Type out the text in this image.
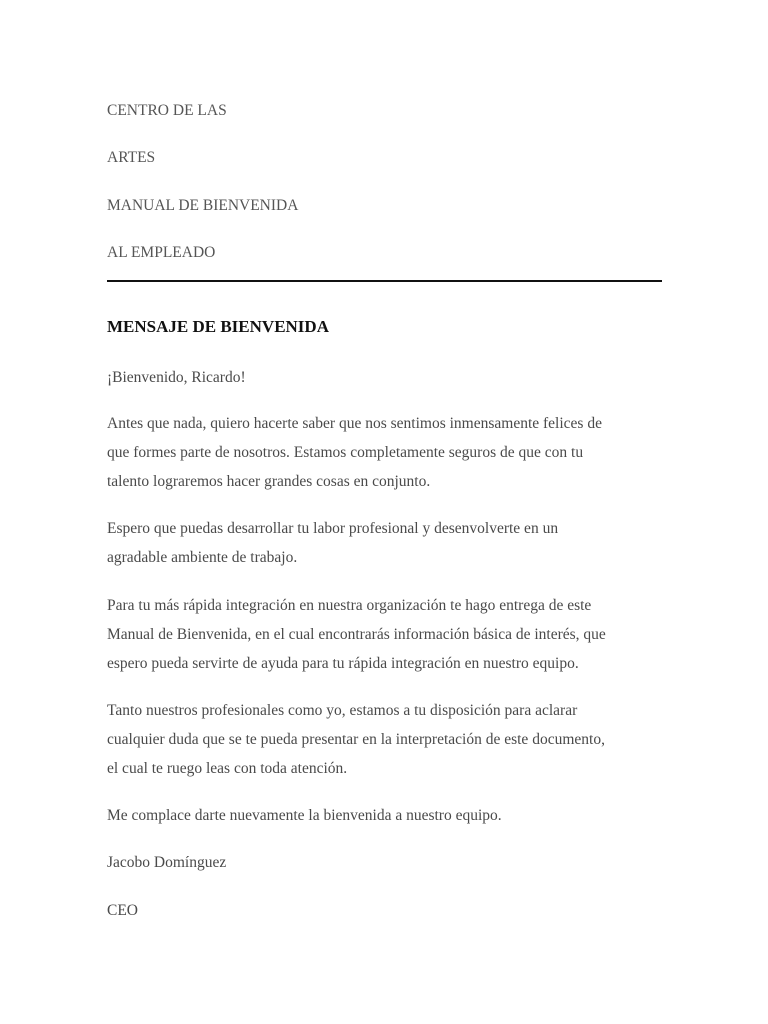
CENTRO DE LAS
ARTES
MANUAL DE BIENVENIDA
AL EMPLEADO
MENSAJE DE BIENVENIDA

¡Bienvenido, Ricardo!

Antes que nada, quiero hacerte saber que nos sentimos inmensamente felices de
que formes parte de nosotros. Estamos completamente seguros de que con tu
talento lograremos hacer grandes cosas en conjunto.

Espero que puedas desarrollar tu labor profesional y desenvolverte en un
agradable ambiente de trabajo.

Para tu más rápida integración en nuestra organización te hago entrega de este
Manual de Bienvenida, en el cual encontrarás información básica de interés, que
espero pueda servirte de ayuda para tu rápida integración en nuestro equipo.

Tanto nuestros profesionales como yo, estamos a tu disposición para aclarar
cualquier duda que se te pueda presentar en la interpretación de este documento,
el cual te ruego leas con toda atención.

Me complace darte nuevamente la bienvenida a nuestro equipo.

Jacobo Domínguez

CEO
